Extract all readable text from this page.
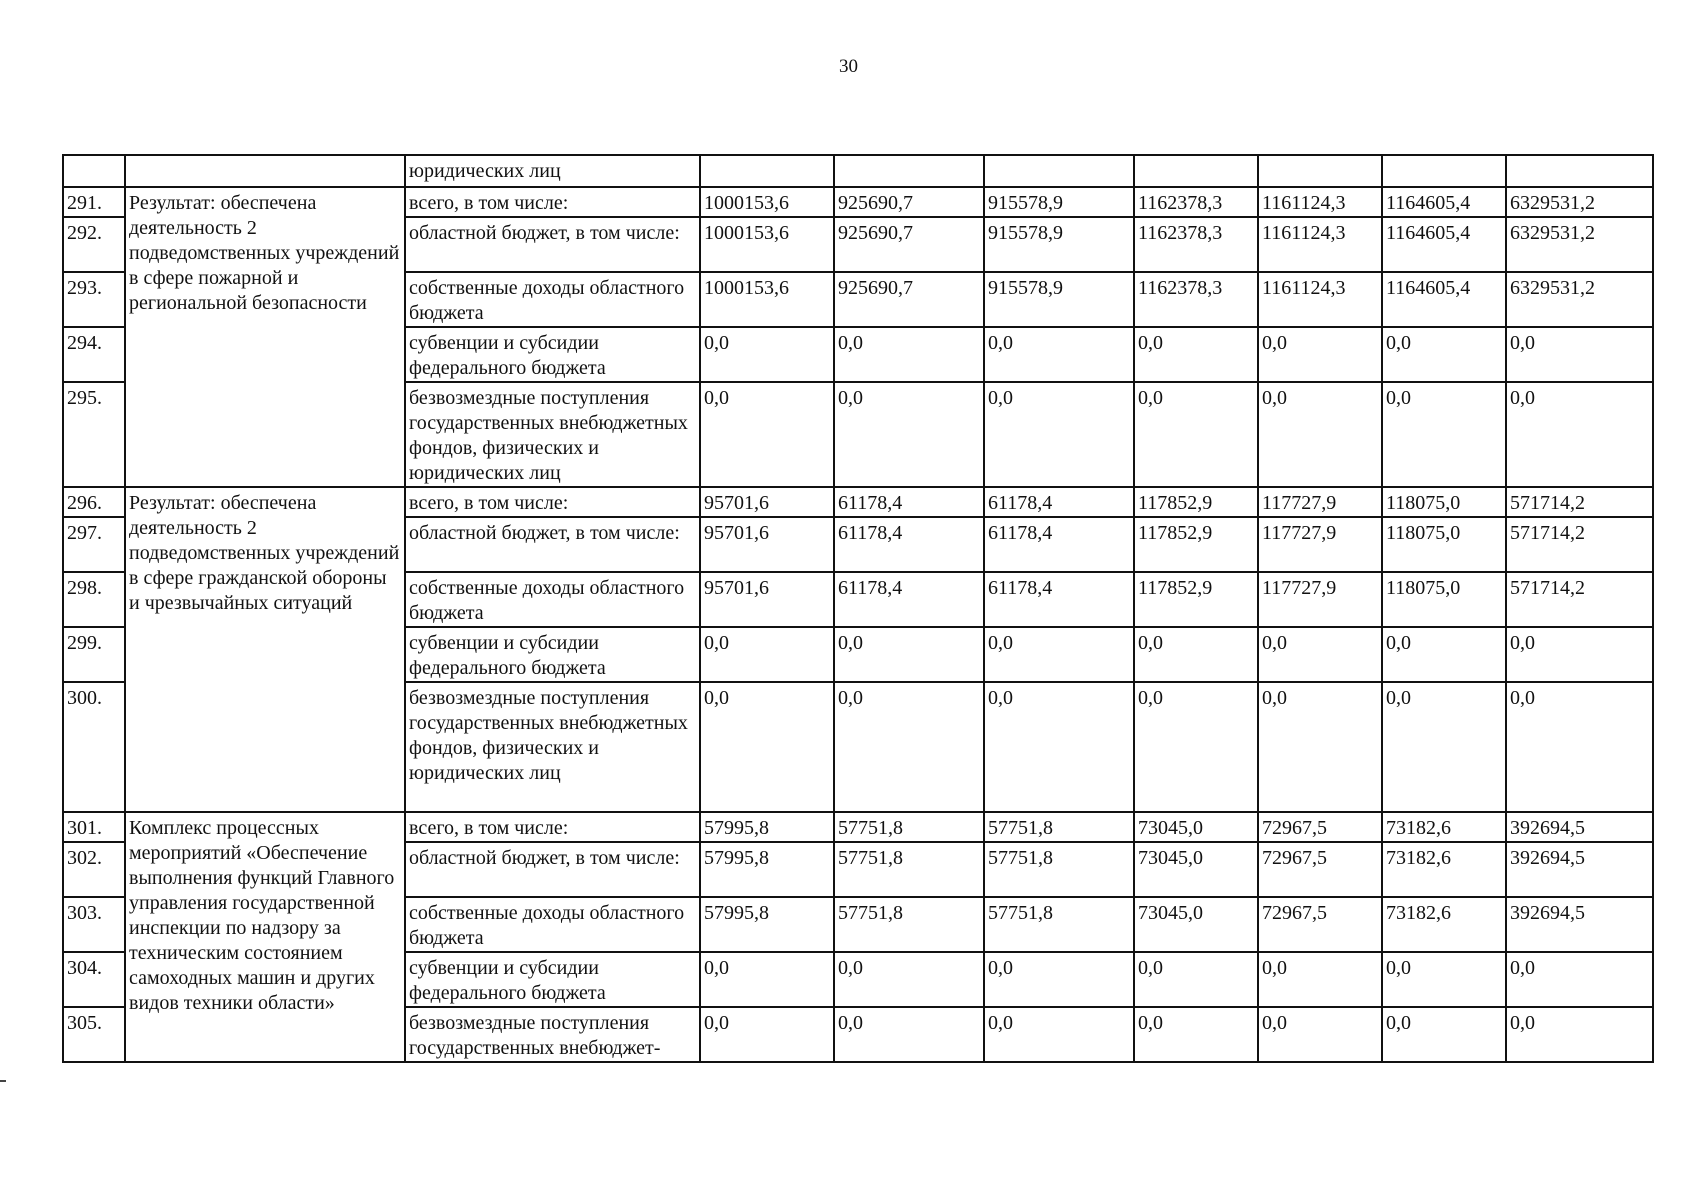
30
		юридических лиц							
291.	Результат: обеспечена деятельность 2 подведомственных учреждений в сфере пожарной и региональной безопасности	всего, в том числе:	1000153,6	925690,7	915578,9	1162378,3	1161124,3	1164605,4	6329531,2
292.		областной бюджет, в том числе:	1000153,6	925690,7	915578,9	1162378,3	1161124,3	1164605,4	6329531,2
293.		собственные доходы областного бюджета	1000153,6	925690,7	915578,9	1162378,3	1161124,3	1164605,4	6329531,2
294.		субвенции и субсидии федерального бюджета	0,0	0,0	0,0	0,0	0,0	0,0	0,0
295.		безвозмездные поступления государственных внебюджетных фондов, физических и юридических лиц	0,0	0,0	0,0	0,0	0,0	0,0	0,0
296.	Результат: обеспечена деятельность 2 подведомственных учреждений в сфере гражданской обороны и чрезвычайных ситуаций	всего, в том числе:	95701,6	61178,4	61178,4	117852,9	117727,9	118075,0	571714,2
297.		областной бюджет, в том числе:	95701,6	61178,4	61178,4	117852,9	117727,9	118075,0	571714,2
298.		собственные доходы областного бюджета	95701,6	61178,4	61178,4	117852,9	117727,9	118075,0	571714,2
299.		субвенции и субсидии федерального бюджета	0,0	0,0	0,0	0,0	0,0	0,0	0,0
300.		безвозмездные поступления государственных внебюджетных фондов, физических и юридических лиц	0,0	0,0	0,0	0,0	0,0	0,0	0,0
301.	Комплекс процессных мероприятий «Обеспечение выполнения функций Главного управления государственной инспекции по надзору за техническим состоянием самоходных машин и других видов техники области»	всего, в том числе:	57995,8	57751,8	57751,8	73045,0	72967,5	73182,6	392694,5
302.		областной бюджет, в том числе:	57995,8	57751,8	57751,8	73045,0	72967,5	73182,6	392694,5
303.		собственные доходы областного бюджета	57995,8	57751,8	57751,8	73045,0	72967,5	73182,6	392694,5
304.		субвенции и субсидии федерального бюджета	0,0	0,0	0,0	0,0	0,0	0,0	0,0
305.		безвозмездные поступления государственных внебюджет-	0,0	0,0	0,0	0,0	0,0	0,0	0,0
